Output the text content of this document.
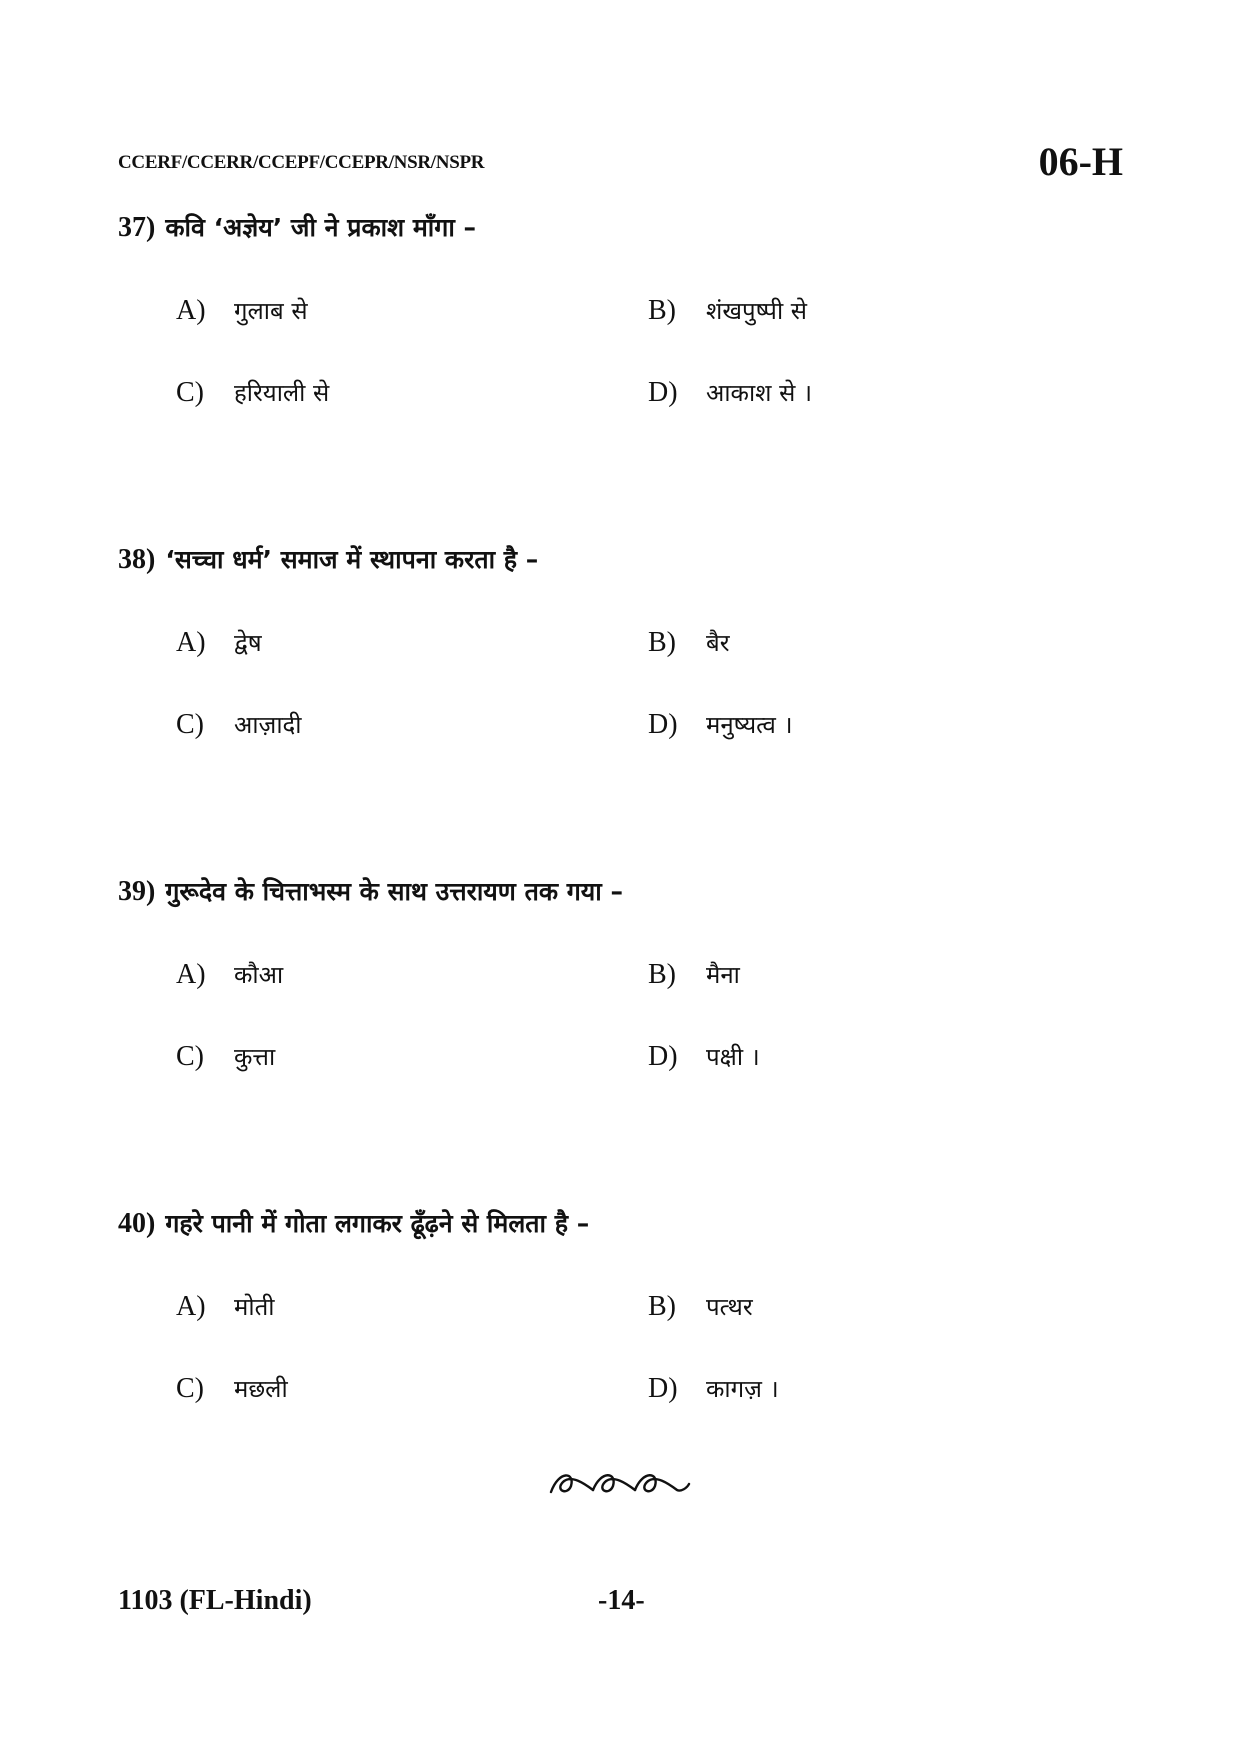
CCERF/CCERR/CCEPF/CCEPR/NSR/NSPR	06-H
37) कवि ‘अज्ञेय’ जी ने प्रकाश माँगा –
A) गुलाब से	B) शंखपुष्पी से
C) हरियाली से	D) आकाश से ।
38) ‘सच्चा धर्म’ समाज में स्थापना करता है –
A) द्वेष	B) बैर
C) आज़ादी	D) मनुष्यत्व ।
39) गुरूदेव के चित्ताभस्म के साथ उत्तरायण तक गया –
A) कौआ	B) मैना
C) कुत्ता	D) पक्षी ।
40) गहरे पानी में गोता लगाकर ढूँढ़ने से मिलता है –
A) मोती	B) पत्थर
C) मछली	D) कागज़ ।
1103 (FL-Hindi)	-14-
